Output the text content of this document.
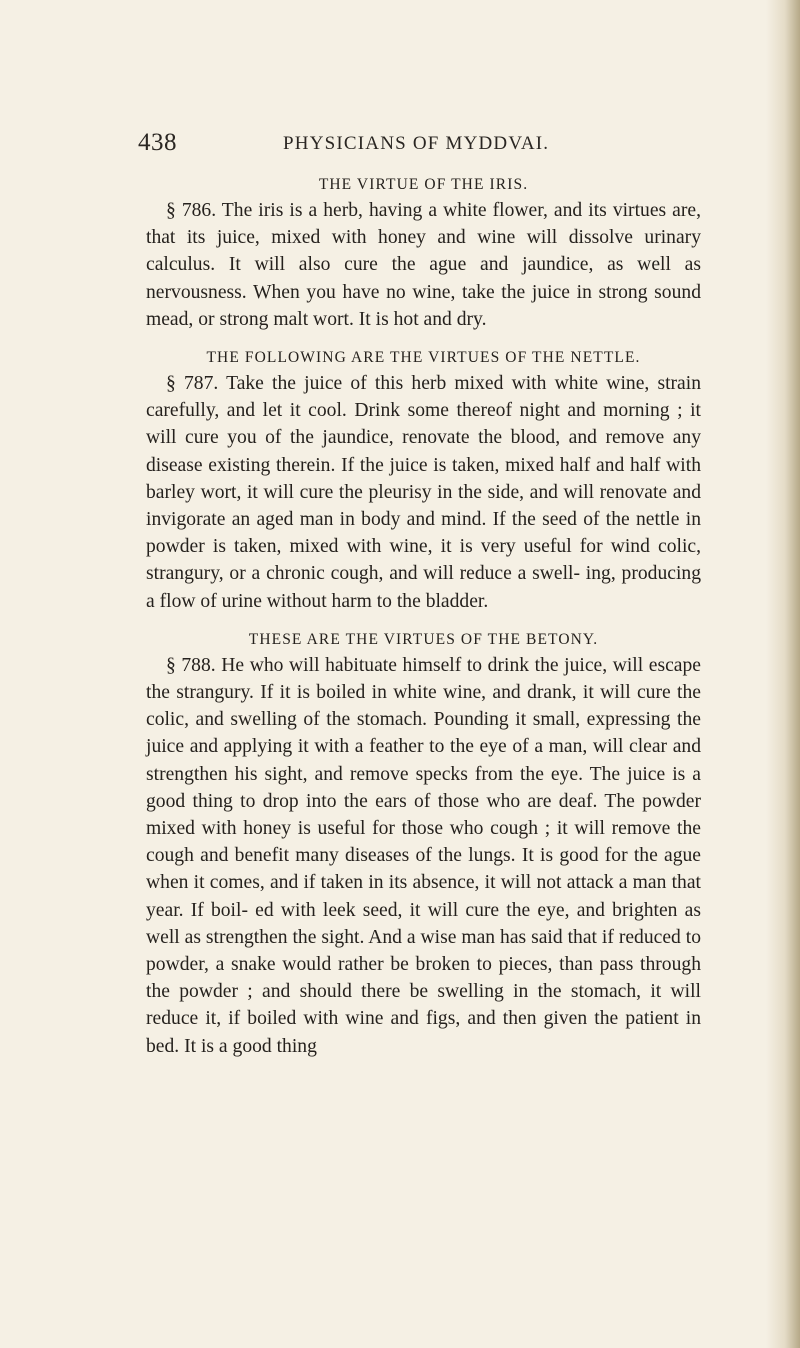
438	PHYSICIANS OF MYDDVAI.
THE VIRTUE OF THE IRIS.

§ 786. The iris is a herb, having a white flower, and its virtues are, that its juice, mixed with honey and wine will dissolve urinary calculus. It will also cure the ague and jaundice, as well as nervousness. When you have no wine, take the juice in strong sound mead, or strong malt wort. It is hot and dry.

THE FOLLOWING ARE THE VIRTUES OF THE NETTLE.

§ 787. Take the juice of this herb mixed with white wine, strain carefully, and let it cool. Drink some thereof night and morning ; it will cure you of the jaundice, renovate the blood, and remove any disease existing therein. If the juice is taken, mixed half and half with barley wort, it will cure the pleurisy in the side, and will renovate and invigorate an aged man in body and mind. If the seed of the nettle in powder is taken, mixed with wine, it is very useful for wind colic, strangury, or a chronic cough, and will reduce a swell- ing, producing a flow of urine without harm to the bladder.

THESE ARE THE VIRTUES OF THE BETONY.

§ 788. He who will habituate himself to drink the juice, will escape the strangury. If it is boiled in white wine, and drank, it will cure the colic, and swelling of the stomach. Pounding it small, expressing the juice and applying it with a feather to the eye of a man, will clear and strengthen his sight, and remove specks from the eye. The juice is a good thing to drop into the ears of those who are deaf. The powder mixed with honey is useful for those who cough ; it will remove the cough and benefit many diseases of the lungs. It is good for the ague when it comes, and if taken in its absence, it will not attack a man that year. If boil- ed with leek seed, it will cure the eye, and brighten as well as strengthen the sight. And a wise man has said that if reduced to powder, a snake would rather be broken to pieces, than pass through the powder ; and should there be swelling in the stomach, it will reduce it, if boiled with wine and figs, and then given the patient in bed. It is a good thing
